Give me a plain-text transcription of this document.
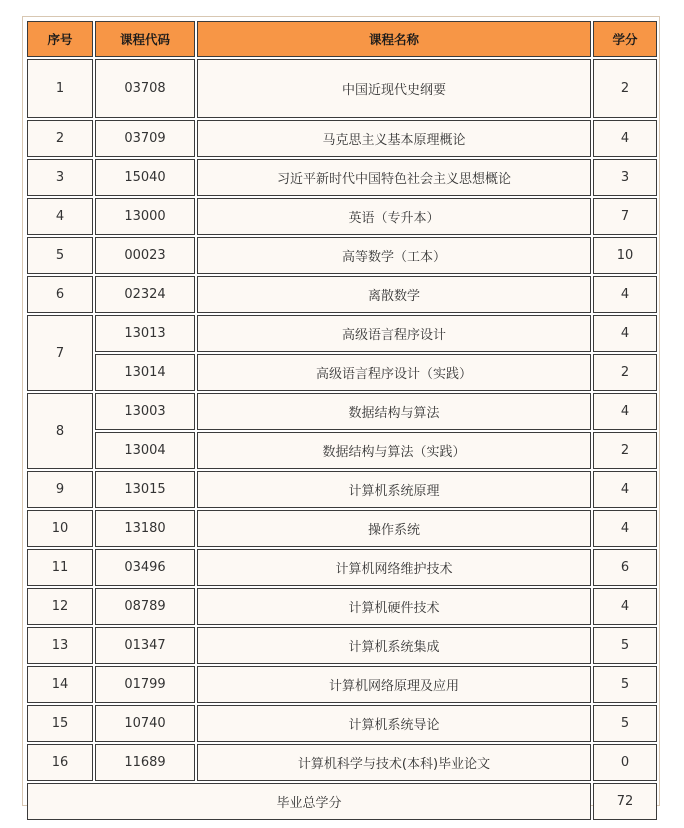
序号	课程代码	课程名称	学分
1	03708	中国近现代史纲要	2
2	03709	马克思主义基本原理概论	4
3	15040	习近平新时代中国特色社会主义思想概论	3
4	13000	英语（专升本）	7
5	00023	高等数学（工本）	10
6	02324	离散数学	4
7	13013	高级语言程序设计	4
	13014	高级语言程序设计（实践）	2
8	13003	数据结构与算法	4
	13004	数据结构与算法（实践）	2
9	13015	计算机系统原理	4
10	13180	操作系统	4
11	03496	计算机网络维护技术	6
12	08789	计算机硬件技术	4
13	01347	计算机系统集成	5
14	01799	计算机网络原理及应用	5
15	10740	计算机系统导论	5
16	11689	计算机科学与技术(本科)毕业论文	0
毕业总学分			72
